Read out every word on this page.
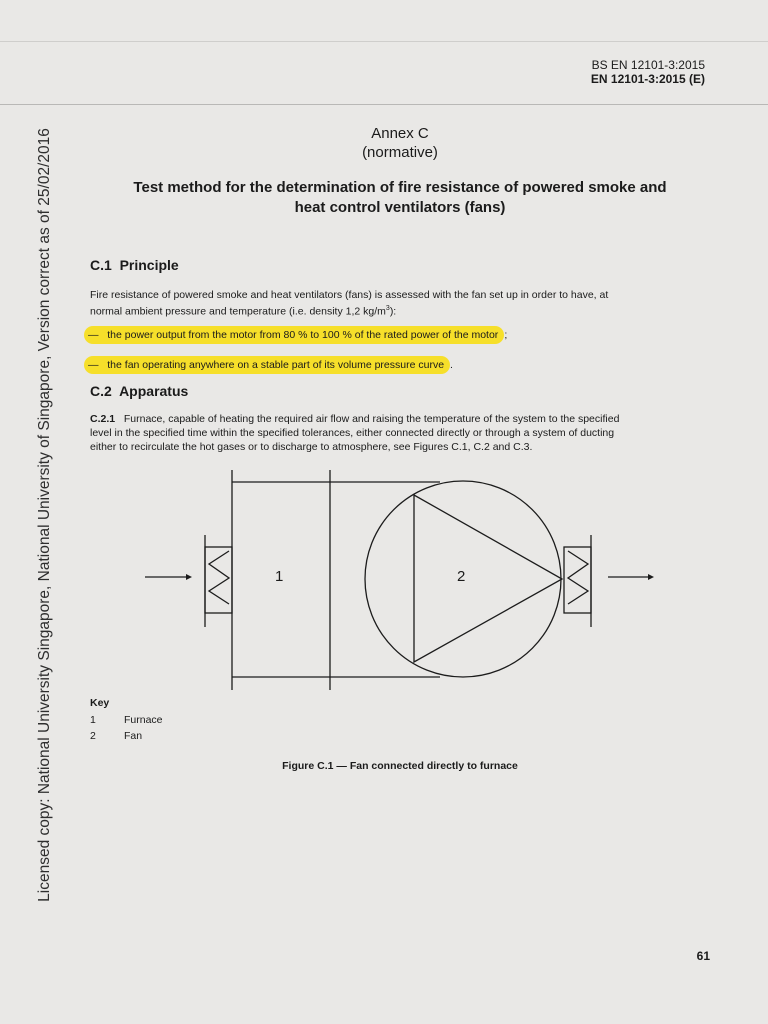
BS EN 12101-3:2015
EN 12101-3:2015 (E)
Licensed copy: National University Singapore, National University of Singapore, Version correct as of 25/02/2016	Annex C
(normative)
Test method for the determination of fire resistance of powered smoke and
heat control ventilators (fans)
C.1 Principle
Fire resistance of powered smoke and heat ventilators (fans) is assessed with the fan set up in order to have, at
normal ambient pressure and temperature (i.e. density 1,2 $kg/m^3$):
— the power output from the motor from 80 % to 100 % of the rated power of the motor ;
— the fan operating anywhere on a stable part of its volume pressure curve .
C.2 Apparatus
C.2.1 Furnace, capable of heating the required air flow and raising the temperature of the system to the specified
level in the specified time within the specified tolerances, either connected directly or through a system of ducting
either to recirculate the hot gases or to discharge to atmosphere, see Figures C.1, C.2 and C.3.
1	2
Key
1	Furnace
2	Fan
Figure C.1 — Fan connected directly to furnace
61
